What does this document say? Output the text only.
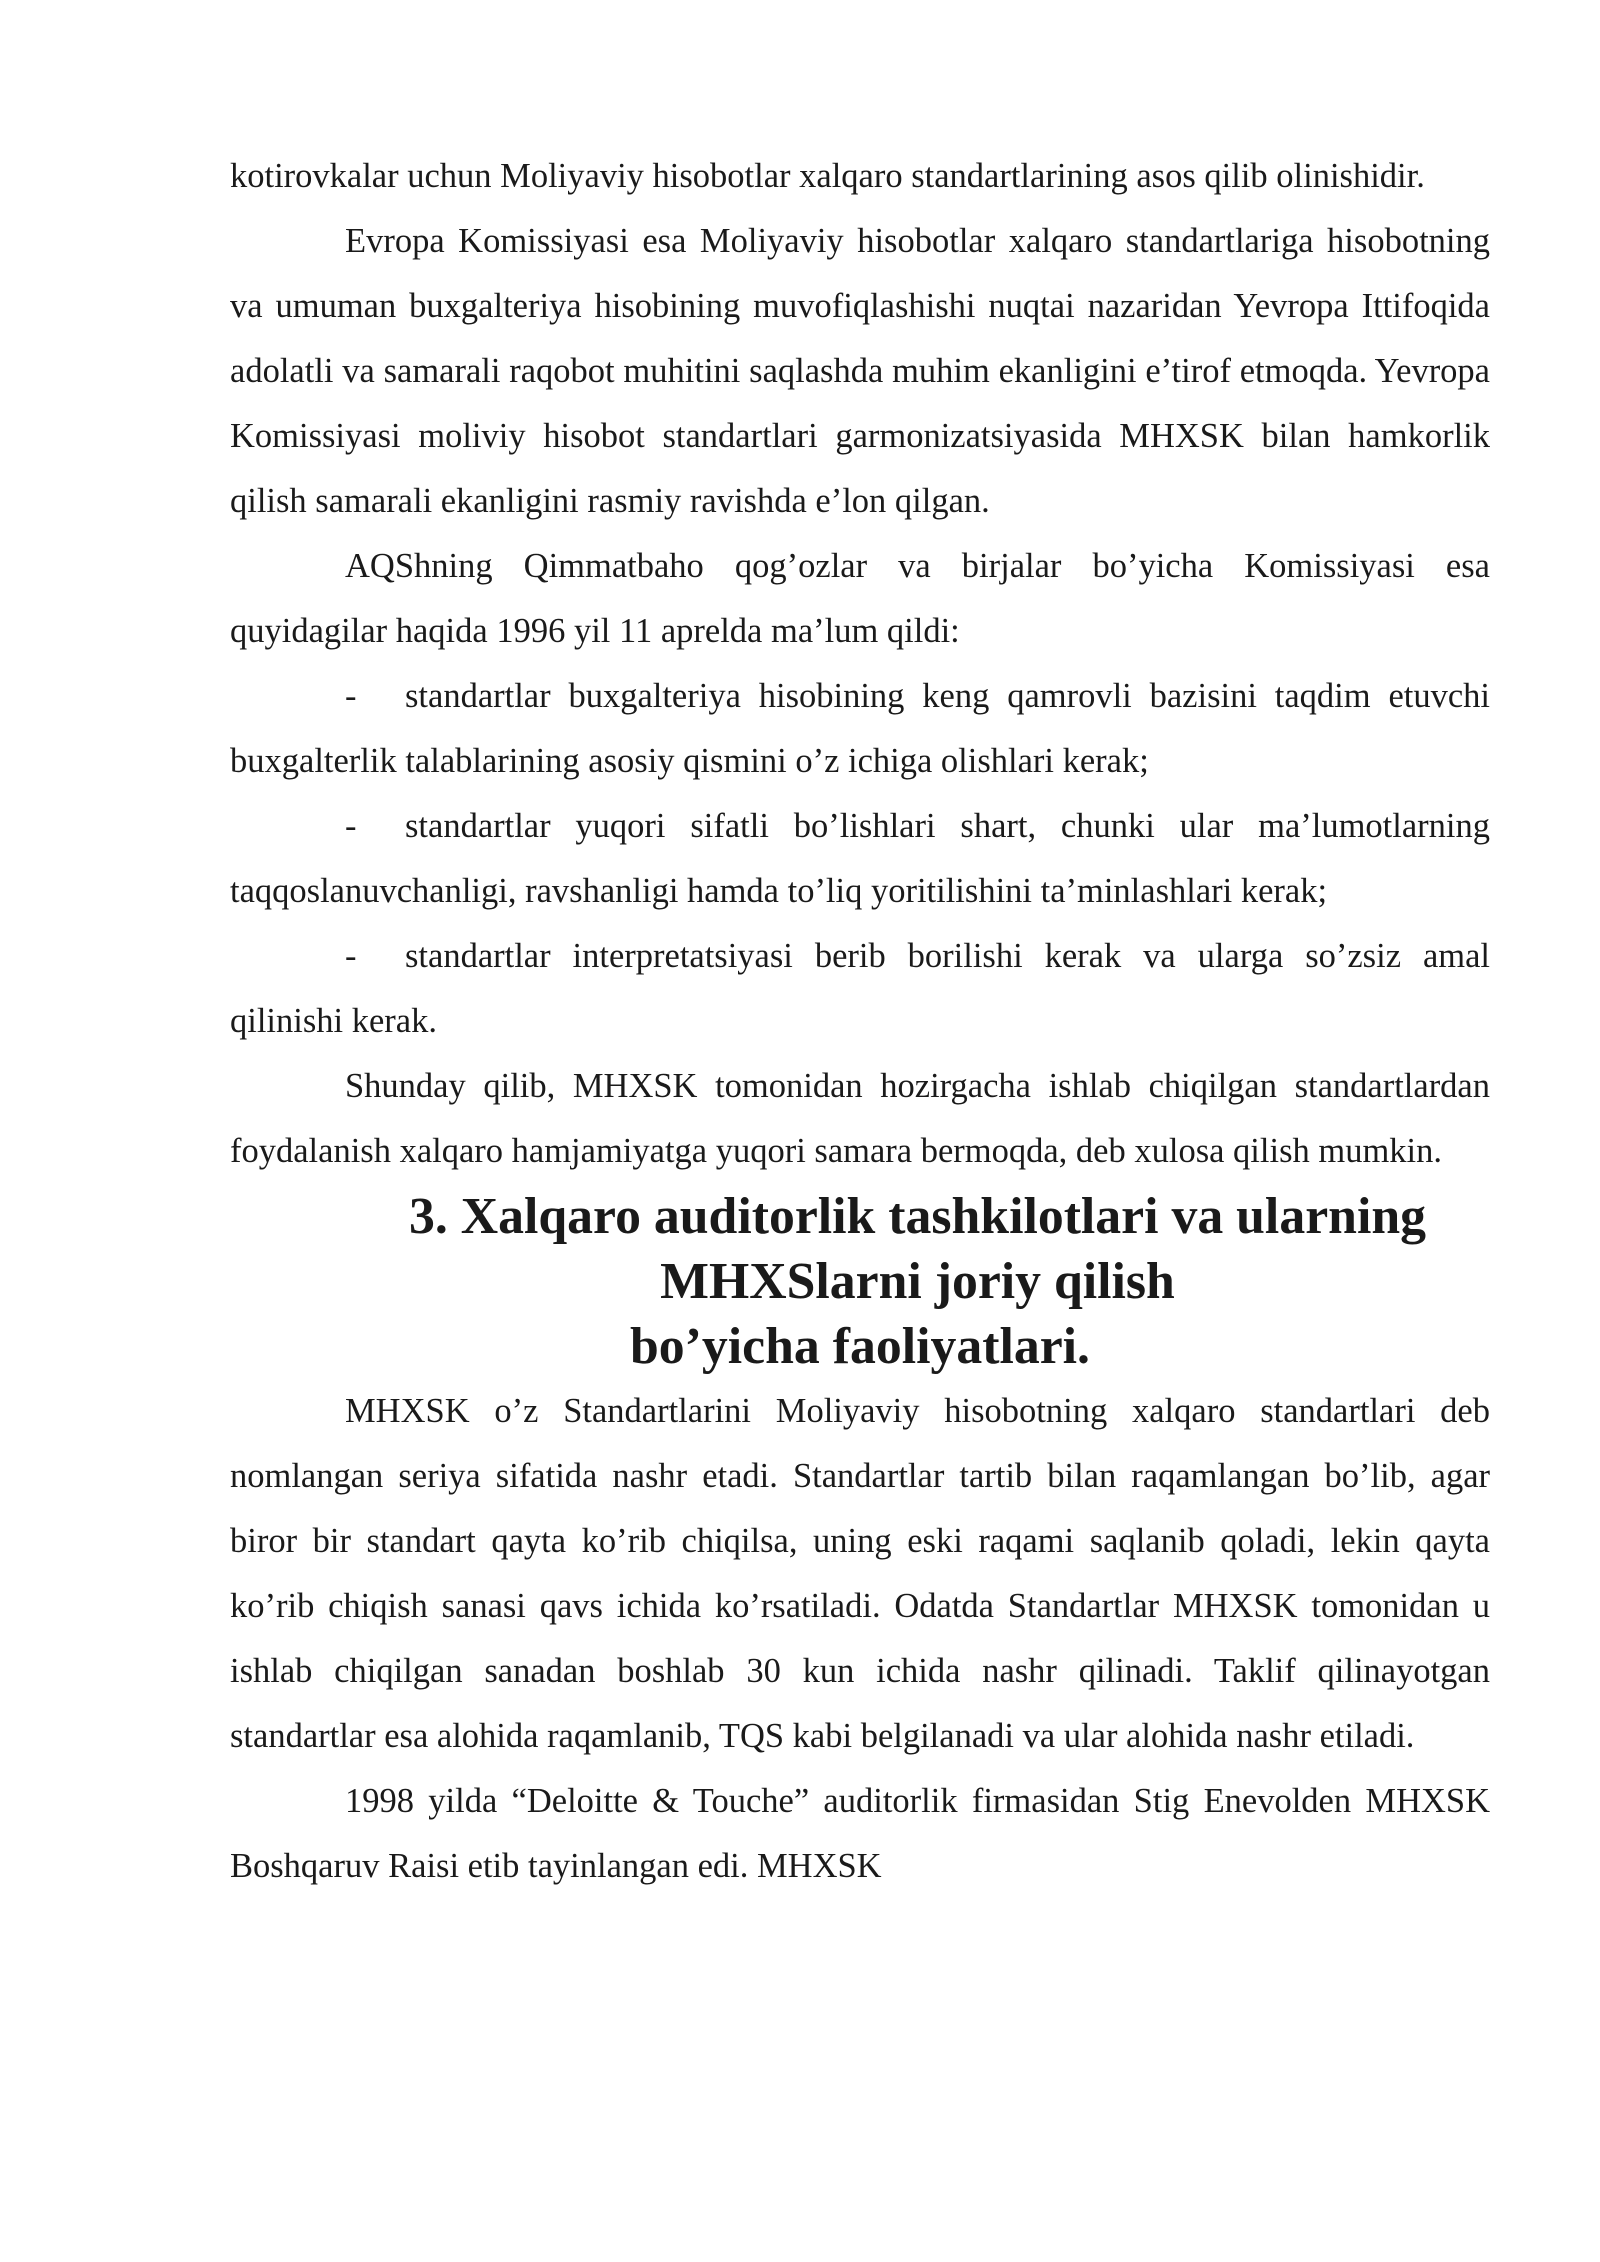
kotirovkalar uchun Moliyaviy hisobotlar xalqaro standartlarining asos qilib olinishidir.

Evropa Komissiyasi esa Moliyaviy hisobotlar xalqaro standartlariga hisobotning va umuman buxgalteriya hisobining muvofiqlashishi nuqtai nazaridan Yevropa Ittifoqida adolatli va samarali raqobot muhitini saqlashda muhim ekanligini e’tirof etmoqda. Yevropa Komissiyasi moliviy hisobot standartlari garmonizatsiyasida MHXSK bilan hamkorlik qilish samarali ekanligini rasmiy ravishda e’lon qilgan.

AQShning Qimmatbaho qog’ozlar va birjalar bo’yicha Komissiyasi esa quyidagilar haqida 1996 yil 11 aprelda ma’lum qildi:

- standartlar buxgalteriya hisobining keng qamrovli bazisini taqdim etuvchi buxgalterlik talablarining asosiy qismini o’z ichiga olishlari kerak;

- standartlar yuqori sifatli bo’lishlari shart, chunki ular ma’lumotlarning taqqoslanuvchanligi, ravshanligi hamda to’liq yoritilishini ta’minlashlari kerak;

- standartlar interpretatsiyasi berib borilishi kerak va ularga so’zsiz amal qilinishi kerak.

Shunday qilib, MHXSK tomonidan hozirgacha ishlab chiqilgan standartlardan foydalanish xalqaro hamjamiyatga yuqori samara bermoqda, deb xulosa qilish mumkin.

3. Xalqaro auditorlik tashkilotlari va ularning MHXSlarni joriy qilish
bo’yicha faoliyatlari.

MHXSK o’z Standartlarini Moliyaviy hisobotning xalqaro standartlari deb nomlangan seriya sifatida nashr etadi. Standartlar tartib bilan raqamlangan bo’lib, agar biror bir standart qayta ko’rib chiqilsa, uning eski raqami saqlanib qoladi, lekin qayta ko’rib chiqish sanasi qavs ichida ko’rsatiladi. Odatda Standartlar MHXSK tomonidan u ishlab chiqilgan sanadan boshlab 30 kun ichida nashr qilinadi. Taklif qilinayotgan standartlar esa alohida raqamlanib, TQS kabi belgilanadi va ular alohida nashr etiladi.

1998 yilda “Deloitte & Touche” auditorlik firmasidan Stig Enevolden MHXSK Boshqaruv Raisi etib tayinlangan edi. MHXSK
